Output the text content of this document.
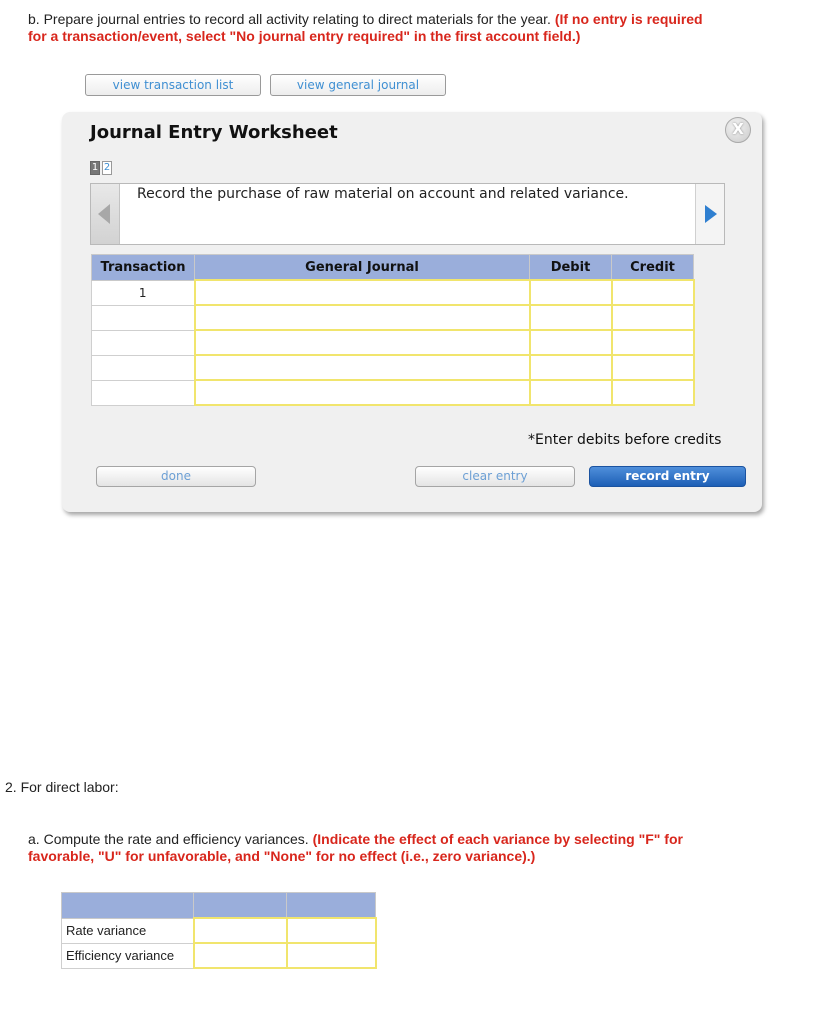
b. Prepare journal entries to record all activity relating to direct materials for the year. (If no entry is required for a transaction/event, select "No journal entry required" in the first account field.)
view transaction list	view general journal
Journal Entry Worksheet	X
1 2
Record the purchase of raw material on account and related variance.
Transaction	General Journal	Debit	Credit
1			

*Enter debits before credits
done	clear entry	record entry
2. For direct labor:
a. Compute the rate and efficiency variances. (Indicate the effect of each variance by selecting "F" for favorable, "U" for unfavorable, and "None" for no effect (i.e., zero variance).)

Rate variance		
Efficiency variance		
